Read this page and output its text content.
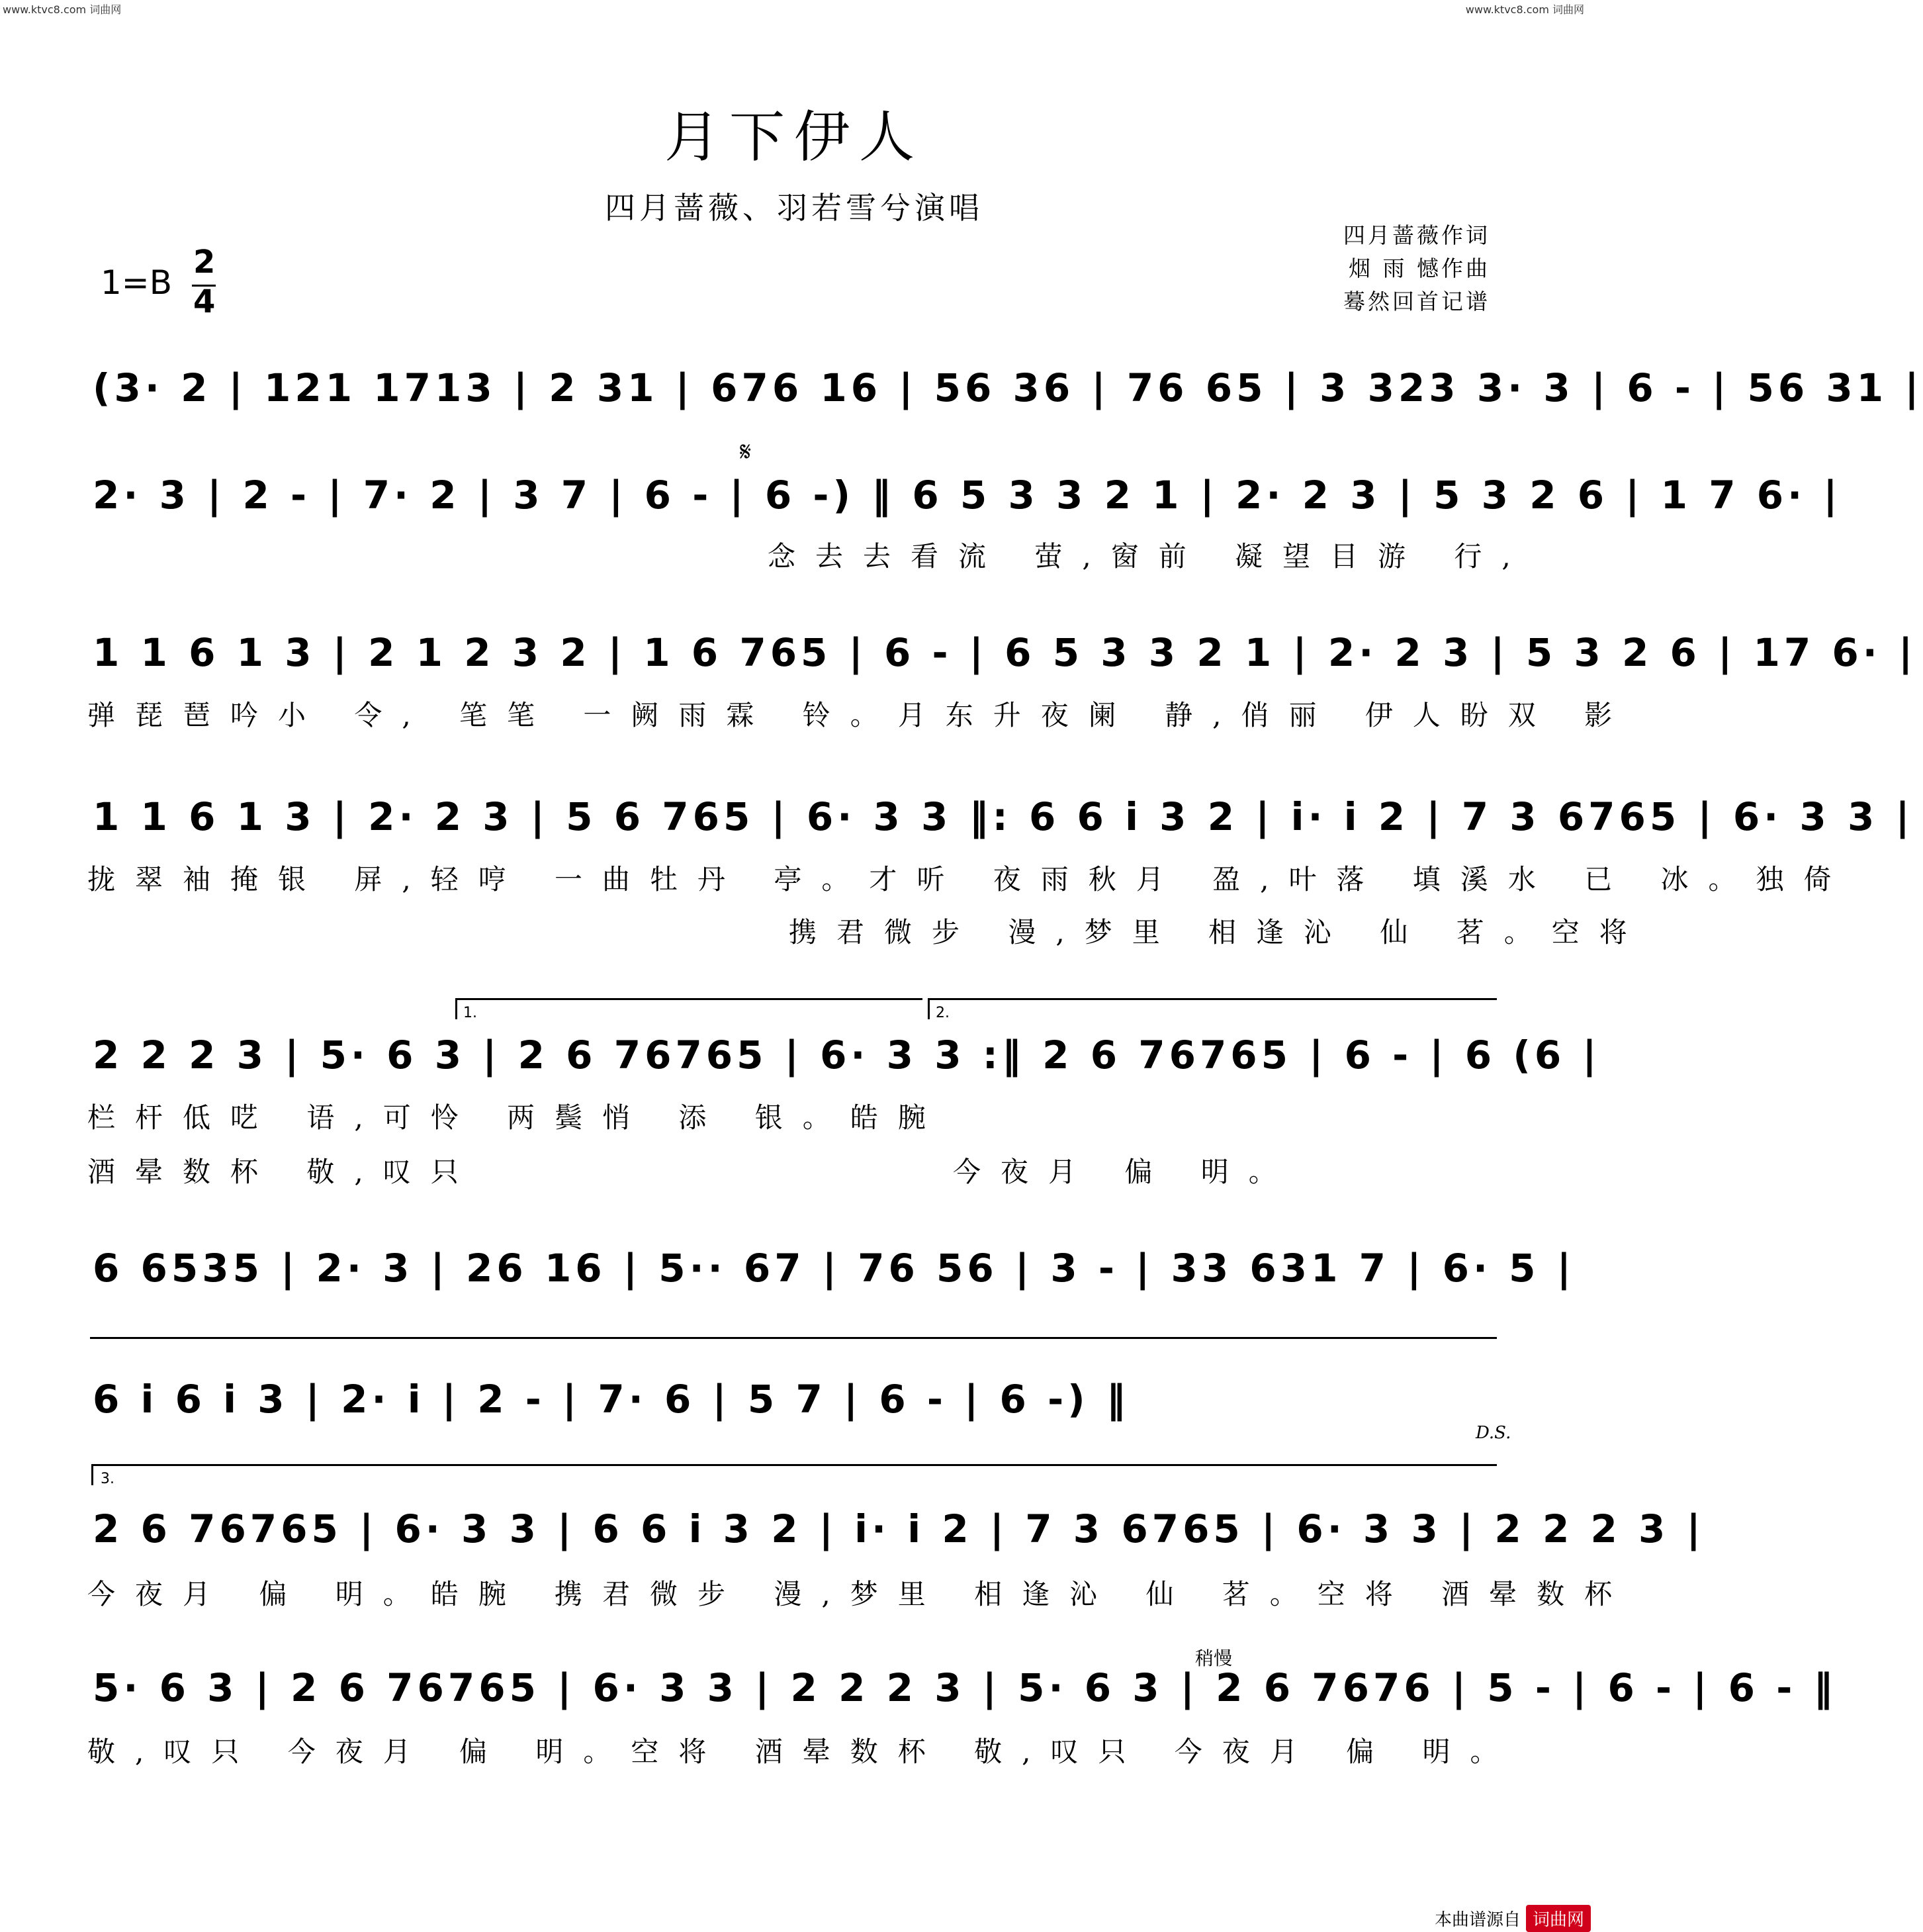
www.ktvc8.com 词曲网	www.ktvc8.com 词曲网
月下伊人
四月蔷薇、羽若雪兮演唱
四月蔷薇作词
烟 雨 憾作曲
蓦然回首记谱
1=B
2
4
(3· 2 | 121 1713 | 2 31 | 676 16 | 56 36 | 76 65 | 3 323 3· 3 | 6 - | 56 31 |
𝄋
2· 3 | 2 - | 7· 2 | 3 7 | 6 - | 6 -) ‖ 6 5 3 3 2 1 | 2· 2 3 | 5 3 2 6 | 1 7 6· |
念去去看流 萤,窗前 凝望目游 行,
1 1 6 1 3 | 2 1 2 3 2 | 1 6 765 | 6 - | 6 5 3 3 2 1 | 2· 2 3 | 5 3 2 6 | 17 6· |
弹琵琶吟小 令, 笔笔 一阙雨霖 铃。月东升夜阑 静,俏丽 伊人盼双 影
1 1 6 1 3 | 2· 2 3 | 5 6 765 | 6· 3 3 ‖: 6 6 i 3 2 | i· i 2 | 7 3 6765 | 6· 3 3 |
拢翠袖掩银 屏,轻哼 一曲牡丹 亭。才听 夜雨秋月 盈,叶落 填溪水 已 冰。独倚
携君微步 漫,梦里 相逢沁 仙 茗。空将
1.	2.
2 2 2 3 | 5· 6 3 | 2 6 76765 | 6· 3 3 :‖ 2 6 76765 | 6 - | 6 (6 |
栏杆低呓 语,可怜 两鬓悄 添 银。皓腕
酒晕数杯 敬,叹只	今夜月 偏 明。
6 6535 | 2· 3 | 26 16 | 5·· 67 | 76 56 | 3 - | 33 631 7 | 6· 5 |
6 i 6 i 3 | 2· i | 2 - | 7· 6 | 5 7 | 6 - | 6 -) ‖
D.S.
3.
2 6 76765 | 6· 3 3 | 6 6 i 3 2 | i· i 2 | 7 3 6765 | 6· 3 3 | 2 2 2 3 |
今夜月 偏 明。皓腕 携君微步 漫,梦里 相逢沁 仙 茗。空将 酒晕数杯
稍慢
5· 6 3 | 2 6 76765 | 6· 3 3 | 2 2 2 3 | 5· 6 3 | 2 6 7676 | 5 - | 6 - | 6 - ‖
敬,叹只 今夜月 偏 明。空将 酒晕数杯 敬,叹只 今夜月 偏 明。
本曲谱源自 词曲网
